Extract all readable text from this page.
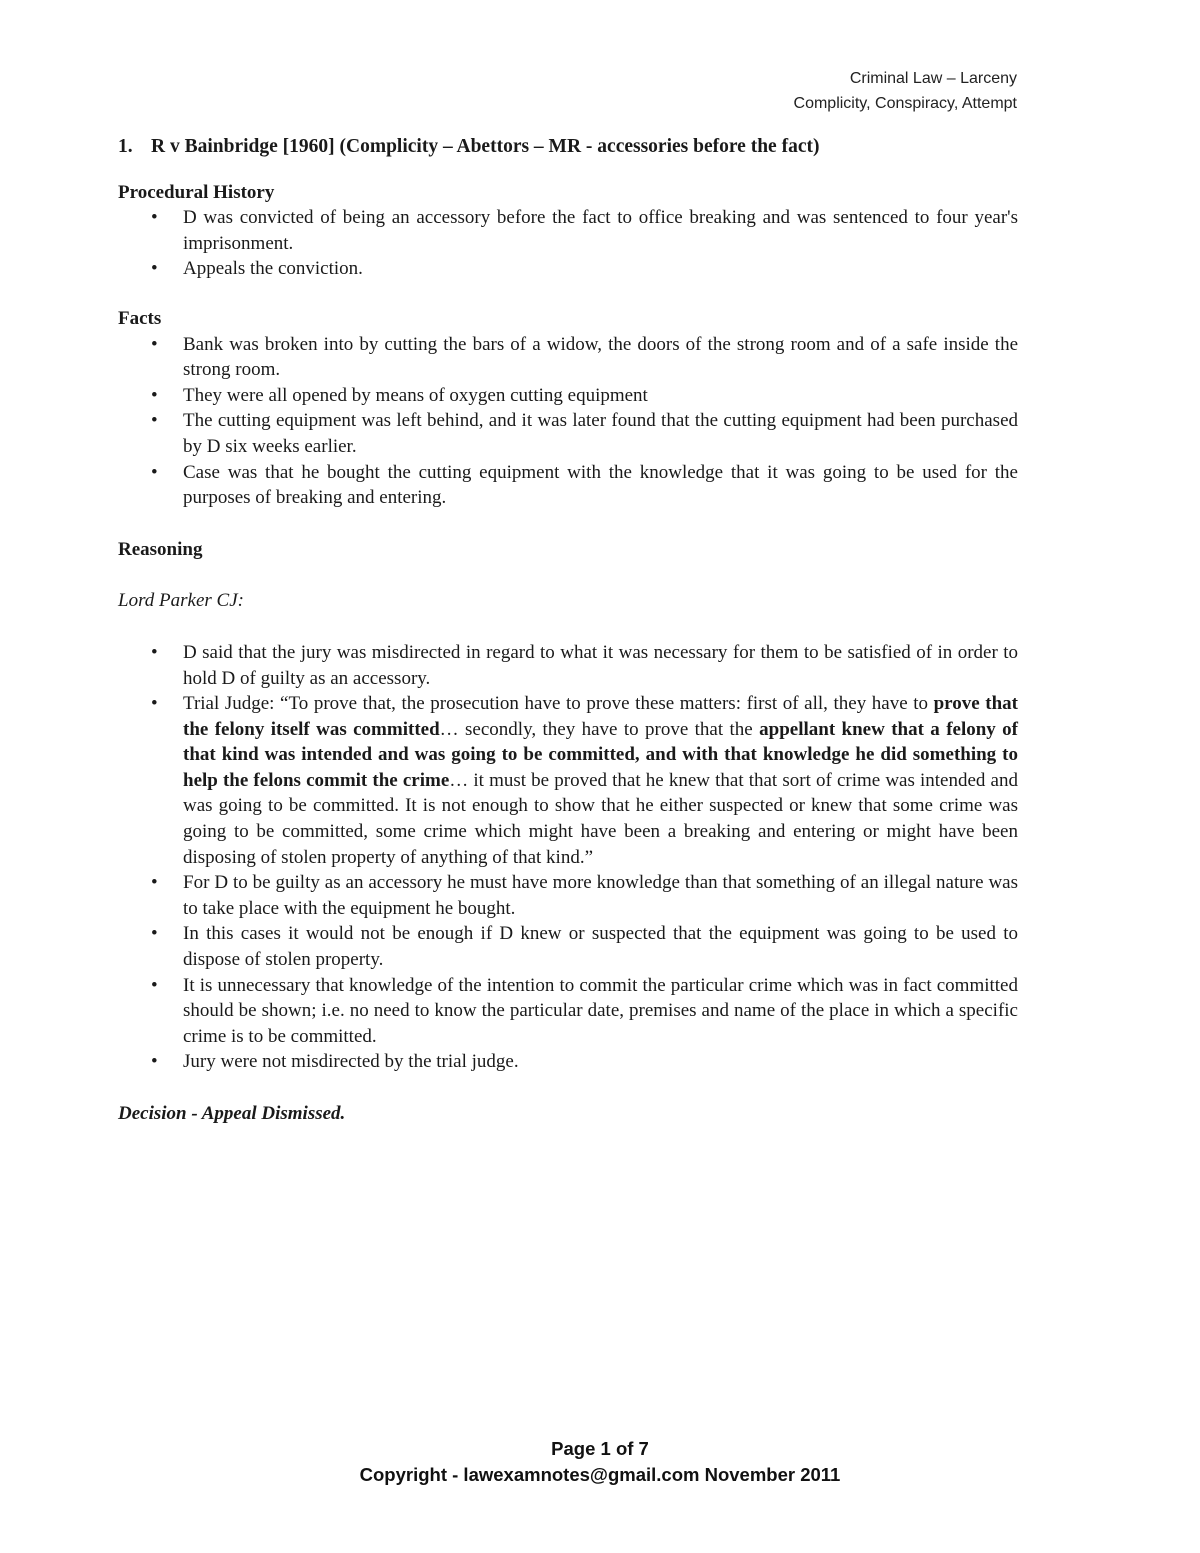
Criminal Law – Larceny
Complicity, Conspiracy, Attempt

1. R v Bainbridge [1960] (Complicity – Abettors – MR - accessories before the fact)

Procedural History

• D was convicted of being an accessory before the fact to office breaking and was sentenced to four year's imprisonment.
• Appeals the conviction.

Facts

• Bank was broken into by cutting the bars of a widow, the doors of the strong room and of a safe inside the strong room.
• They were all opened by means of oxygen cutting equipment
• The cutting equipment was left behind, and it was later found that the cutting equipment had been purchased by D six weeks earlier.
• Case was that he bought the cutting equipment with the knowledge that it was going to be used for the purposes of breaking and entering.

Reasoning

Lord Parker CJ:

• D said that the jury was misdirected in regard to what it was necessary for them to be satisfied of in order to hold D of guilty as an accessory.
• Trial Judge: “To prove that, the prosecution have to prove these matters: first of all, they have to prove that the felony itself was committed… secondly, they have to prove that the appellant knew that a felony of that kind was intended and was going to be committed, and with that knowledge he did something to help the felons commit the crime… it must be proved that he knew that that sort of crime was intended and was going to be committed. It is not enough to show that he either suspected or knew that some crime was going to be committed, some crime which might have been a breaking and entering or might have been disposing of stolen property of anything of that kind.”
• For D to be guilty as an accessory he must have more knowledge than that something of an illegal nature was to take place with the equipment he bought.
• In this cases it would not be enough if D knew or suspected that the equipment was going to be used to dispose of stolen property.
• It is unnecessary that knowledge of the intention to commit the particular crime which was in fact committed should be shown; i.e. no need to know the particular date, premises and name of the place in which a specific crime is to be committed.
• Jury were not misdirected by the trial judge.

Decision - Appeal Dismissed.

Page 1 of 7
Copyright - lawexamnotes@gmail.com November 2011
